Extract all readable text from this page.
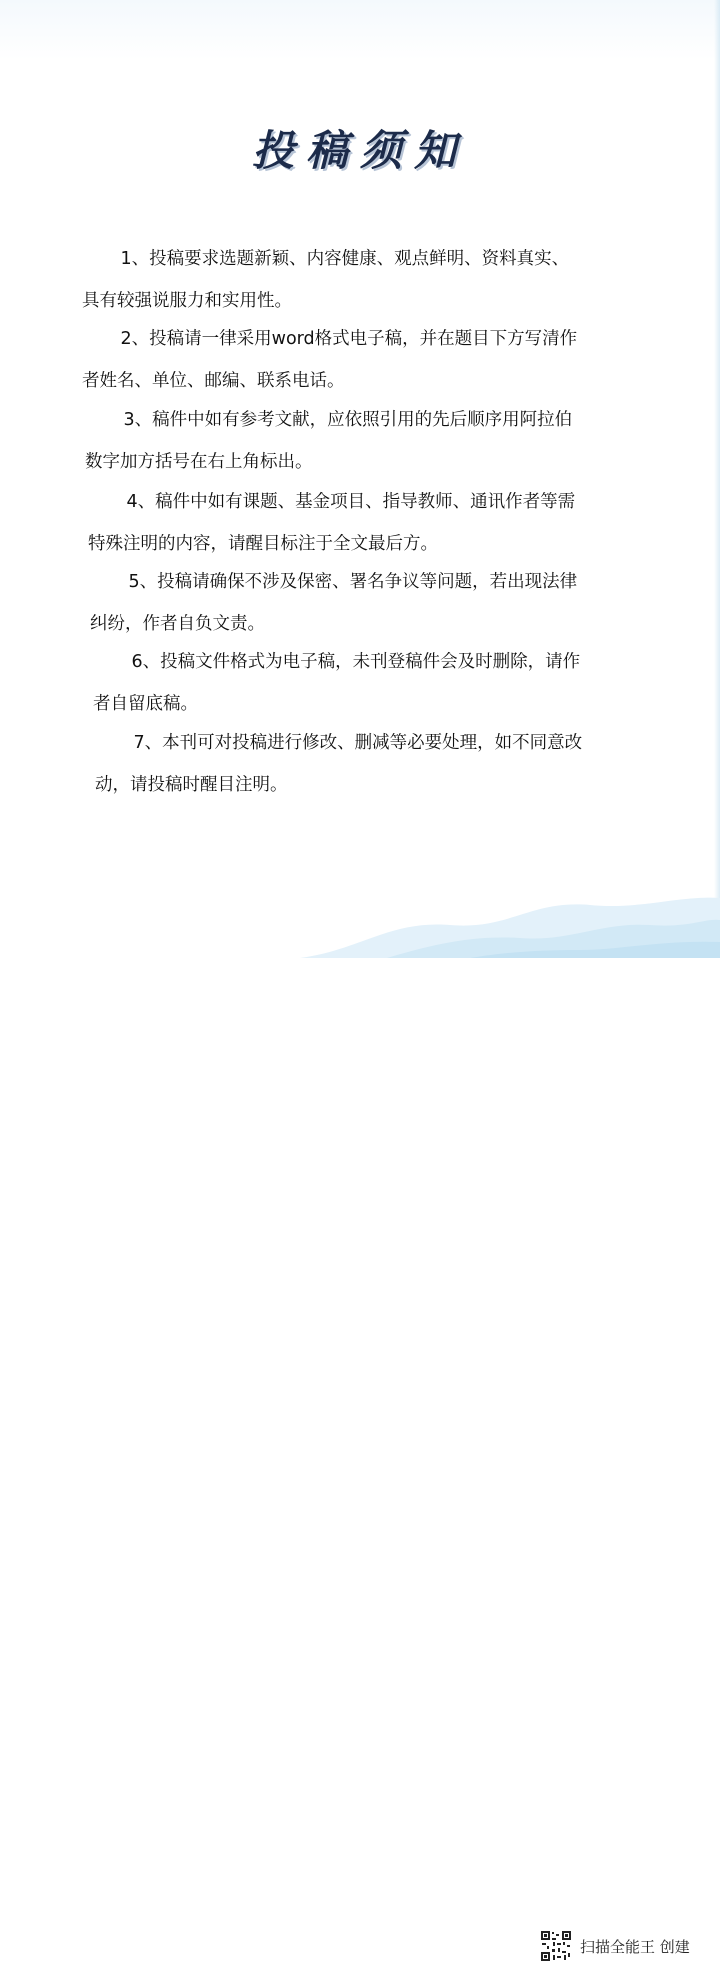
投稿须知

1、投稿要求选题新颖、内容健康、观点鲜明、资料真实、
具有较强说服力和实用性。

2、投稿请一律采用word格式电子稿，并在题目下方写清作
者姓名、单位、邮编、联系电话。

3、稿件中如有参考文献，应依照引用的先后顺序用阿拉伯
数字加方括号在右上角标出。

4、稿件中如有课题、基金项目、指导教师、通讯作者等需
特殊注明的内容，请醒目标注于全文最后方。

5、投稿请确保不涉及保密、署名争议等问题，若出现法律
纠纷，作者自负文责。

6、投稿文件格式为电子稿，未刊登稿件会及时删除，请作
者自留底稿。

7、本刊可对投稿进行修改、删减等必要处理，如不同意改
动，请投稿时醒目注明。

扫描全能王 创建
